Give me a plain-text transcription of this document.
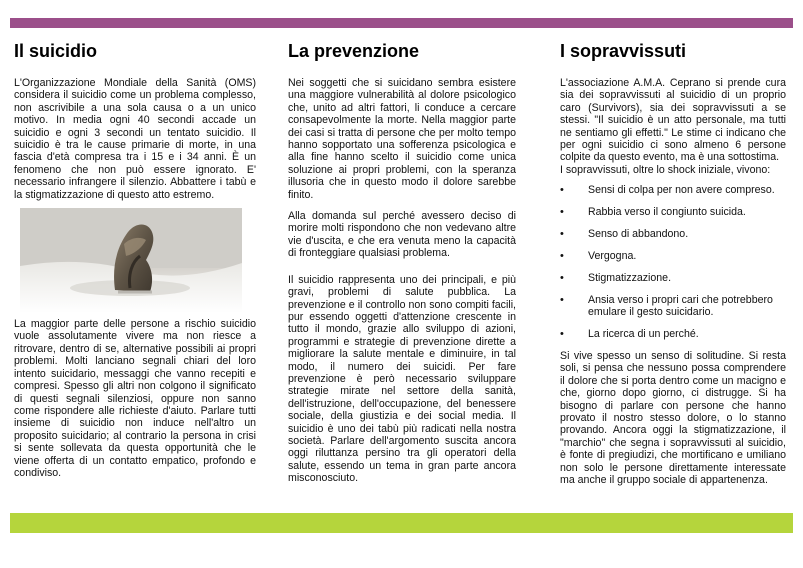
Il suicidio

L'Organizzazione Mondiale della Sanità (OMS) considera il suicidio come un problema complesso, non ascrivibile a una sola causa o a un unico motivo. In media ogni 40 secondi accade un suicidio e ogni 3 secondi un tentato suicidio. Il suicidio è tra le cause primarie di morte, in una fascia d'età compresa tra i 15 e i 34 anni. È un fenomeno che non può essere ignorato. E' necessario infrangere il silenzio. Abbattere i tabù e la stigmatizzazione di questo atto estremo.

La maggior parte delle persone a rischio suicidio vuole assolutamente vivere ma non riesce a ritrovare, dentro di se, alternative possibili ai propri problemi. Molti lanciano segnali chiari del loro intento suicidario, messaggi che vanno recepiti e compresi. Spesso gli altri non colgono il significato di questi segnali silenziosi, oppure non sanno come rispondere alle richieste d'aiuto. Parlare tutti insieme di suicidio non induce nell'altro un proposito suicidario; al contrario la persona in crisi si sente sollevata da questa opportunità che le viene offerta di un contatto empatico, profondo e condiviso.

La prevenzione

Nei soggetti che si suicidano sembra esistere una maggiore vulnerabilità al dolore psicologico che, unito ad altri fattori, li conduce a cercare consapevolmente la morte. Nella maggior parte dei casi si tratta di persone che per molto tempo hanno sopportato una sofferenza psicologica e alla fine hanno scelto il suicidio come unica soluzione ai propri problemi, con la speranza illusoria che in questo modo il dolore sarebbe finito.

Alla domanda sul perché avessero deciso di morire molti rispondono che non vedevano altre vie d'uscita, e che era venuta meno la capacità di fronteggiare qualsiasi problema.

Il suicidio rappresenta uno dei principali, e più gravi, problemi di salute pubblica. La prevenzione e il controllo non sono compiti facili, pur essendo oggetti d'attenzione crescente in tutto il mondo, grazie allo sviluppo di azioni, programmi e strategie di prevenzione dirette a migliorare la salute mentale e diminuire, in tal modo, il numero dei suicidi. Per fare prevenzione è però necessario sviluppare strategie mirate nel settore della sanità, dell'istruzione, dell'occupazione, del benessere sociale, della giustizia e dei social media. Il suicidio è uno dei tabù più radicati nella nostra società. Parlare dell'argomento suscita ancora oggi riluttanza persino tra gli operatori della salute, essendo un tema in gran parte ancora misconosciuto.

I sopravvissuti

L'associazione A.M.A. Ceprano si prende cura sia dei sopravvissuti al suicidio di un proprio caro (Survivors), sia dei sopravvissuti a se stessi. "Il suicidio è un atto personale, ma tutti ne sentiamo gli effetti." Le stime ci indicano che per ogni suicidio ci sono almeno 6 persone colpite da questo evento, ma è una sottostima.

I sopravvissuti, oltre lo shock iniziale, vivono:

• Sensi di colpa per non avere compreso.
• Rabbia verso il congiunto suicida.
• Senso di abbandono.
• Vergogna.
• Stigmatizzazione.
• Ansia verso i propri cari che potrebbero emulare il gesto suicidario.
• La ricerca di un perché.

Si vive spesso un senso di solitudine. Si resta soli, si pensa che nessuno possa comprendere il dolore che si porta dentro come un macigno e che, giorno dopo giorno, ci distrugge. Si ha bisogno di parlare con persone che hanno provato il nostro stesso dolore, o lo stanno provando. Ancora oggi la stigmatizzazione, il "marchio" che segna i sopravvissuti al suicidio, è fonte di pregiudizi, che mortificano e umiliano non solo le persone direttamente interessate ma anche il gruppo sociale di appartenenza.
